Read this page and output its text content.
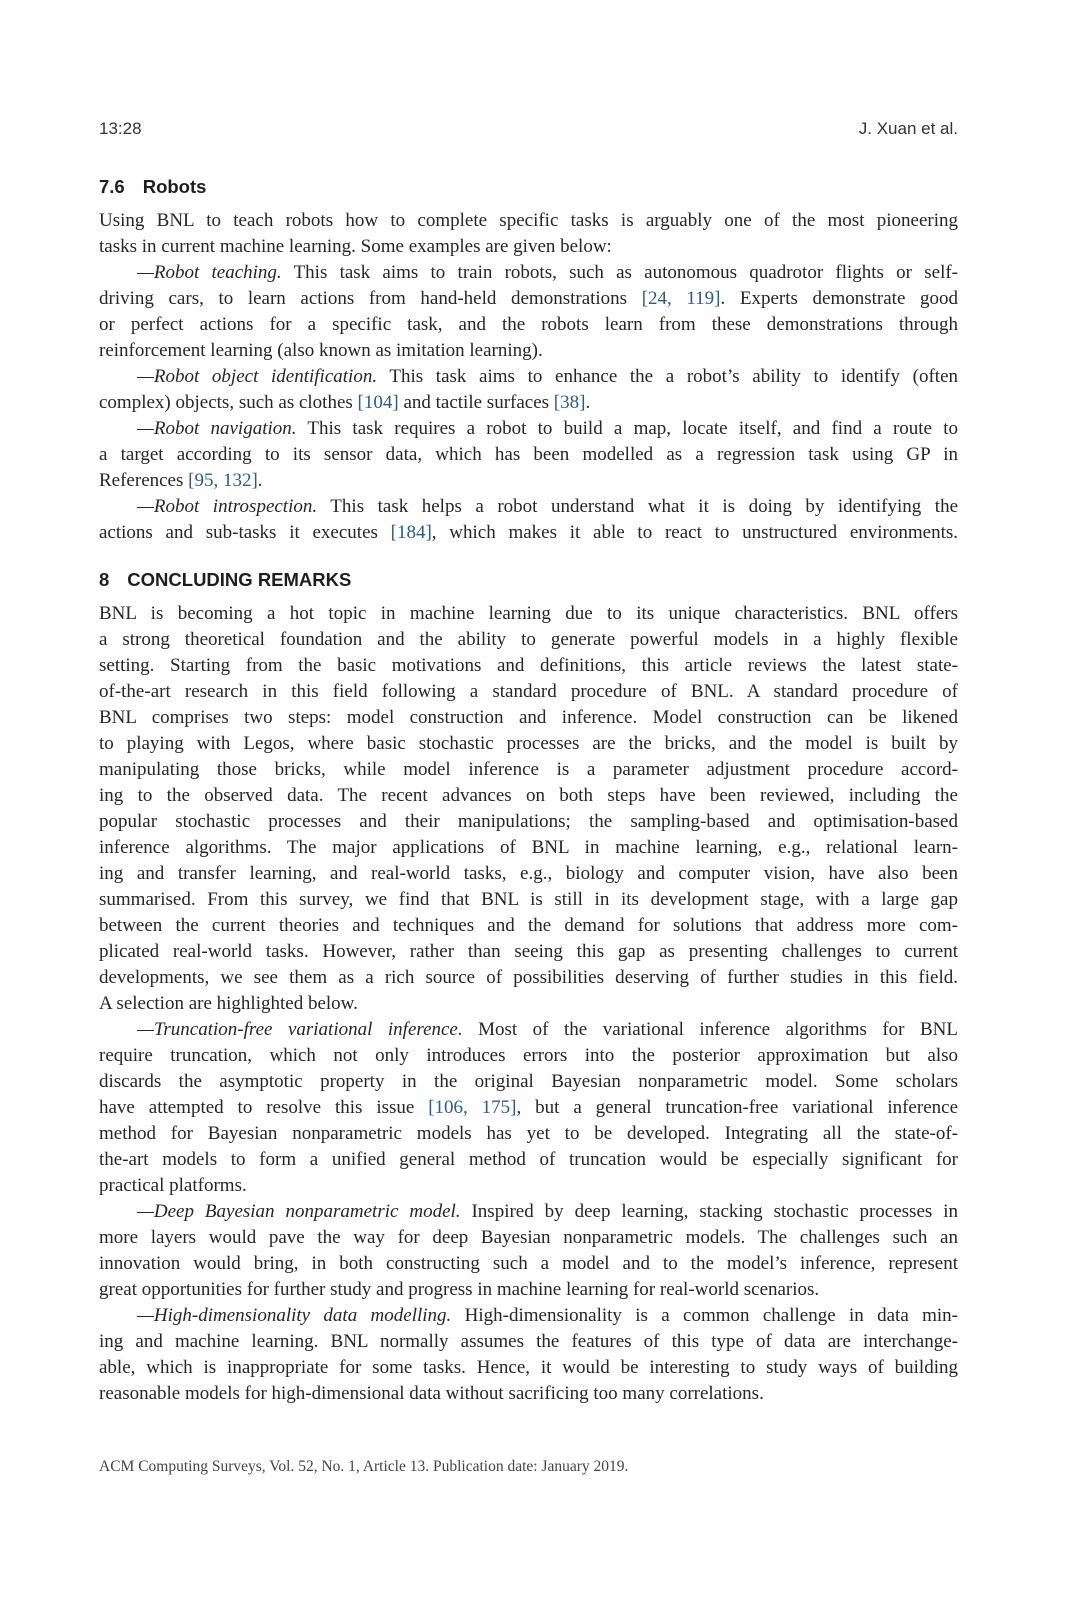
13:28	J. Xuan et al.
7.6 Robots
Using BNL to teach robots how to complete specific tasks is arguably one of the most pioneering
tasks in current machine learning. Some examples are given below:
—Robot teaching. This task aims to train robots, such as autonomous quadrotor flights or self-
driving cars, to learn actions from hand-held demonstrations [24, 119]. Experts demonstrate good
or perfect actions for a specific task, and the robots learn from these demonstrations through
reinforcement learning (also known as imitation learning).
—Robot object identification. This task aims to enhance the a robot’s ability to identify (often
complex) objects, such as clothes [104] and tactile surfaces [38].
—Robot navigation. This task requires a robot to build a map, locate itself, and find a route to
a target according to its sensor data, which has been modelled as a regression task using GP in
References [95, 132].
—Robot introspection. This task helps a robot understand what it is doing by identifying the
actions and sub-tasks it executes [184], which makes it able to react to unstructured environments.
8 CONCLUDING REMARKS
BNL is becoming a hot topic in machine learning due to its unique characteristics. BNL offers
a strong theoretical foundation and the ability to generate powerful models in a highly flexible
setting. Starting from the basic motivations and definitions, this article reviews the latest state-
of-the-art research in this field following a standard procedure of BNL. A standard procedure of
BNL comprises two steps: model construction and inference. Model construction can be likened
to playing with Legos, where basic stochastic processes are the bricks, and the model is built by
manipulating those bricks, while model inference is a parameter adjustment procedure accord-
ing to the observed data. The recent advances on both steps have been reviewed, including the
popular stochastic processes and their manipulations; the sampling-based and optimisation-based
inference algorithms. The major applications of BNL in machine learning, e.g., relational learn-
ing and transfer learning, and real-world tasks, e.g., biology and computer vision, have also been
summarised. From this survey, we find that BNL is still in its development stage, with a large gap
between the current theories and techniques and the demand for solutions that address more com-
plicated real-world tasks. However, rather than seeing this gap as presenting challenges to current
developments, we see them as a rich source of possibilities deserving of further studies in this field.
A selection are highlighted below.
—Truncation-free variational inference. Most of the variational inference algorithms for BNL
require truncation, which not only introduces errors into the posterior approximation but also
discards the asymptotic property in the original Bayesian nonparametric model. Some scholars
have attempted to resolve this issue [106, 175], but a general truncation-free variational inference
method for Bayesian nonparametric models has yet to be developed. Integrating all the state-of-
the-art models to form a unified general method of truncation would be especially significant for
practical platforms.
—Deep Bayesian nonparametric model. Inspired by deep learning, stacking stochastic processes in
more layers would pave the way for deep Bayesian nonparametric models. The challenges such an
innovation would bring, in both constructing such a model and to the model’s inference, represent
great opportunities for further study and progress in machine learning for real-world scenarios.
—High-dimensionality data modelling. High-dimensionality is a common challenge in data min-
ing and machine learning. BNL normally assumes the features of this type of data are interchange-
able, which is inappropriate for some tasks. Hence, it would be interesting to study ways of building
reasonable models for high-dimensional data without sacrificing too many correlations.
ACM Computing Surveys, Vol. 52, No. 1, Article 13. Publication date: January 2019.
